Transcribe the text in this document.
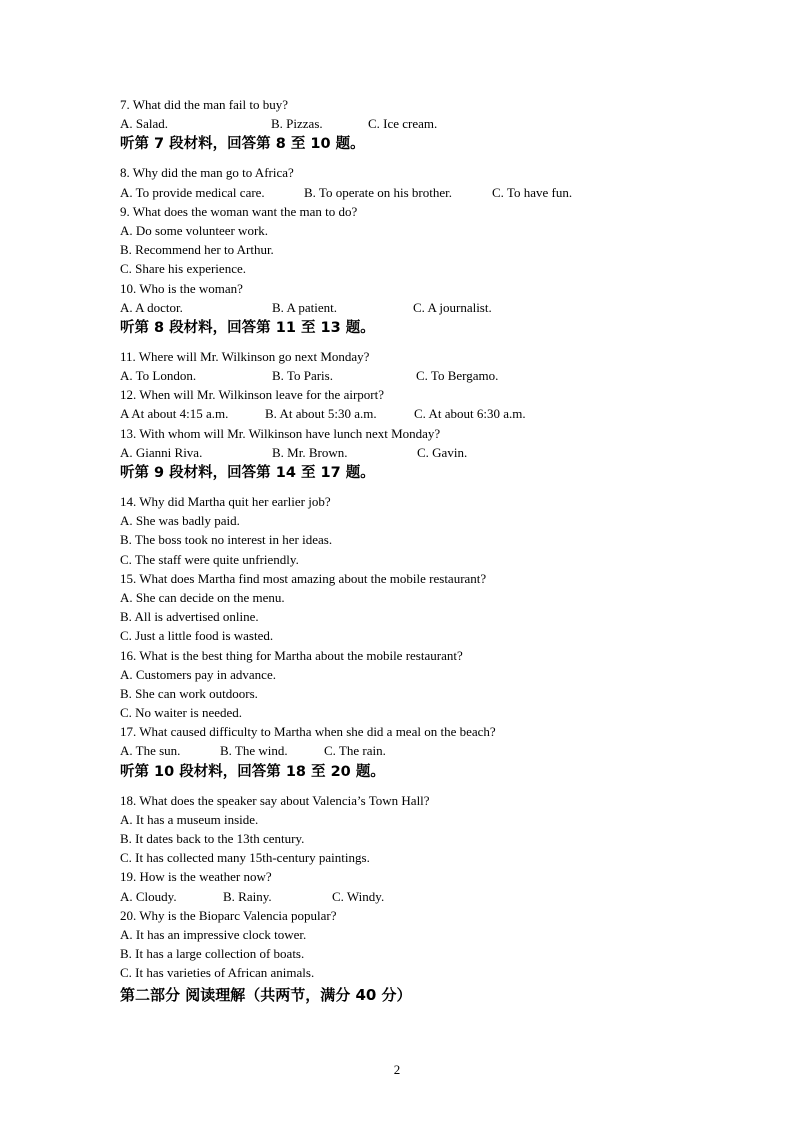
7. What did the man fail to buy?
A. Salad.	B. Pizzas.	C. Ice cream.
听第 7 段材料，回答第 8 至 10 题。
8. Why did the man go to Africa?
A. To provide medical care.	B. To operate on his brother.	C. To have fun.
9. What does the woman want the man to do?
A. Do some volunteer work.
B. Recommend her to Arthur.
C. Share his experience.
10. Who is the woman?
A. A doctor.	B. A patient.	C. A journalist.
听第 8 段材料，回答第 11 至 13 题。
11. Where will Mr. Wilkinson go next Monday?
A. To London.	B. To Paris.	C. To Bergamo.
12. When will Mr. Wilkinson leave for the airport?
A At about 4:15 a.m.	B. At about 5:30 a.m.	C. At about 6:30 a.m.
13. With whom will Mr. Wilkinson have lunch next Monday?
A. Gianni Riva.	B. Mr. Brown.	C. Gavin.
听第 9 段材料，回答第 14 至 17 题。
14. Why did Martha quit her earlier job?
A. She was badly paid.
B. The boss took no interest in her ideas.
C. The staff were quite unfriendly.
15. What does Martha find most amazing about the mobile restaurant?
A. She can decide on the menu.
B. All is advertised online.
C. Just a little food is wasted.
16. What is the best thing for Martha about the mobile restaurant?
A. Customers pay in advance.
B. She can work outdoors.
C. No waiter is needed.
17. What caused difficulty to Martha when she did a meal on the beach?
A. The sun.	B. The wind.	C. The rain.
听第 10 段材料，回答第 18 至 20 题。
18. What does the speaker say about Valencia’s Town Hall?
A. It has a museum inside.
B. It dates back to the 13th century.
C. It has collected many 15th-century paintings.
19. How is the weather now?
A. Cloudy.	B. Rainy.	C. Windy.
20. Why is the Bioparc Valencia popular?
A. It has an impressive clock tower.
B. It has a large collection of boats.
C. It has varieties of African animals.
第二部分 阅读理解（共两节，满分 40 分）
2
